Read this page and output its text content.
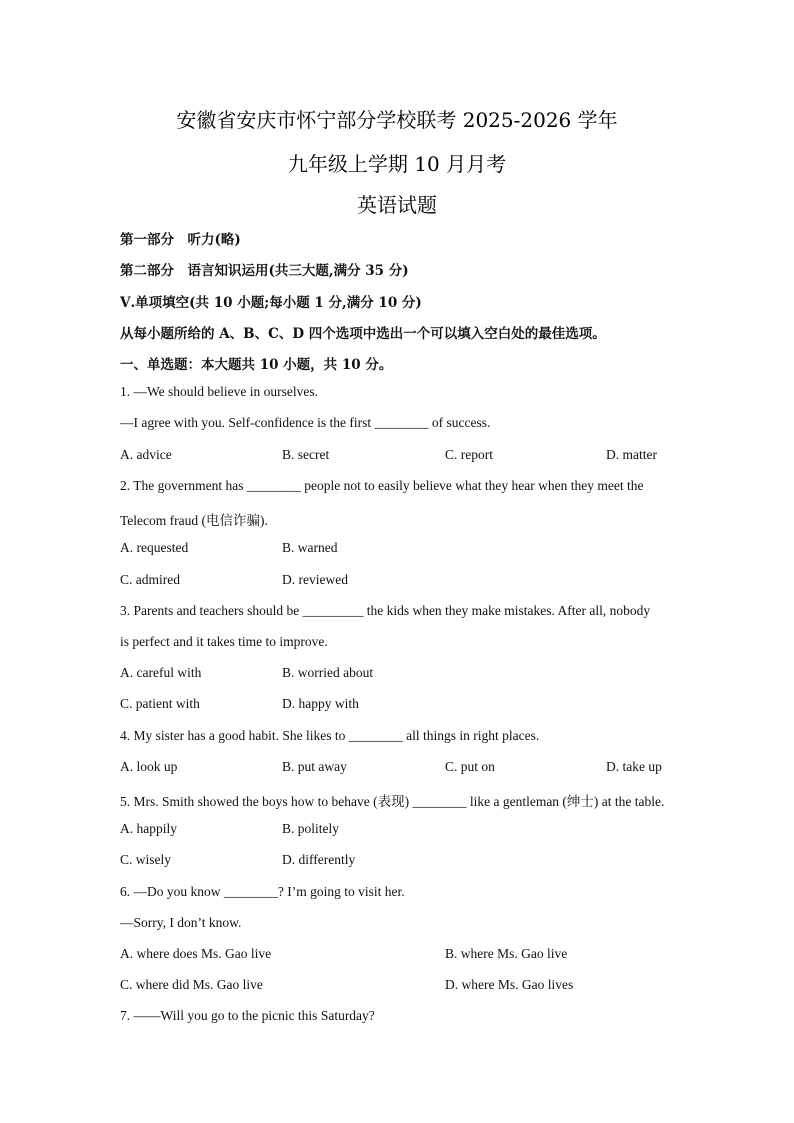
安徽省安庆市怀宁部分学校联考 2025-2026 学年
九年级上学期 10 月月考
英语试题
第一部分　听力(略)
第二部分　语言知识运用(共三大题,满分 35 分)
Ⅴ.单项填空(共 10 小题;每小题 1 分,满分 10 分)
从每小题所给的 A、B、C、D 四个选项中选出一个可以填入空白处的最佳选项。
一、单选题：本大题共 10 小题，共 10 分。
1. —We should believe in ourselves.
—I agree with you. Self-confidence is the first ________ of success.
A. advice	B. secret	C. report	D. matter
2. The government has ________ people not to easily believe what they hear when they meet the
Telecom fraud (电信诈骗).
A. requested	B. warned
C. admired	D. reviewed
3. Parents and teachers should be _________ the kids when they make mistakes. After all, nobody
is perfect and it takes time to improve.
A. careful with	B. worried about
C. patient with	D. happy with
4. My sister has a good habit. She likes to ________ all things in right places.
A. look up	B. put away	C. put on	D. take up
5. Mrs. Smith showed the boys how to behave (表现) ________ like a gentleman (绅士) at the table.
A. happily	B. politely
C. wisely	D. differently
6. —Do you know ________? I’m going to visit her.
—Sorry, I don’t know.
A. where does Ms. Gao live	B. where Ms. Gao live
C. where did Ms. Gao live	D. where Ms. Gao lives
7. ——Will you go to the picnic this Saturday?
